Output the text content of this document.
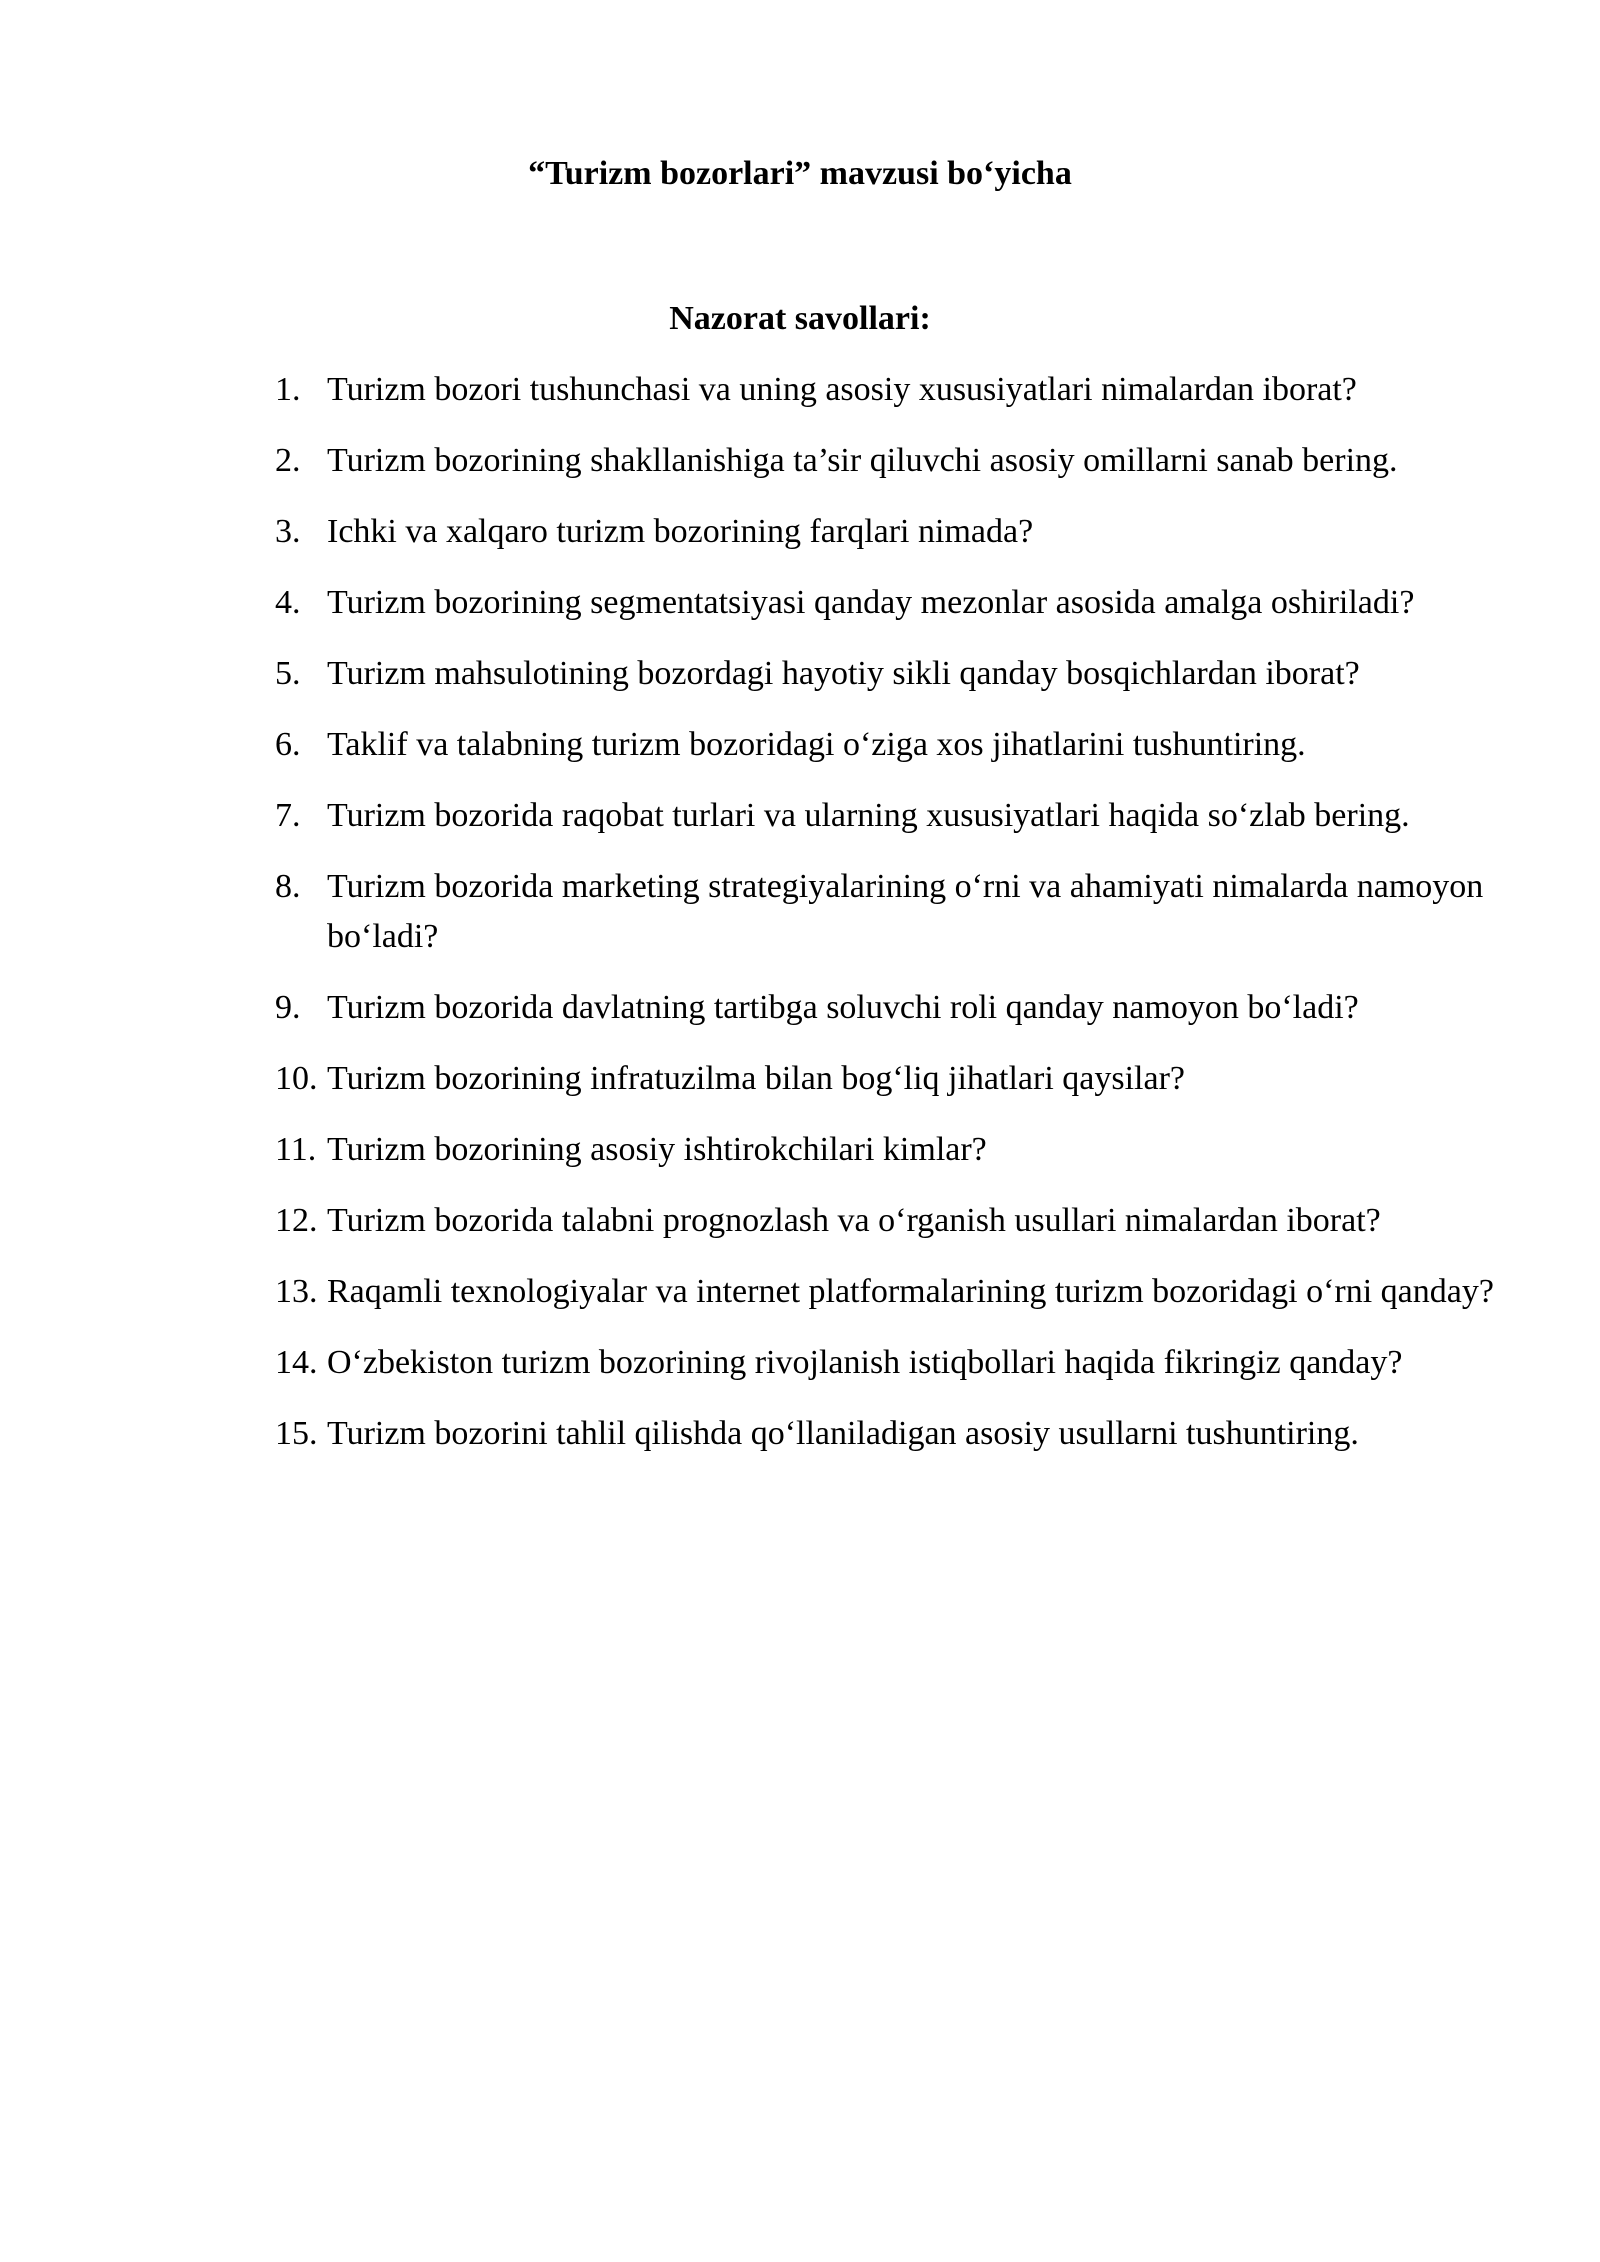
“Turizm bozorlari” mavzusi bo‘yicha
Nazorat savollari:
1. Turizm bozori tushunchasi va uning asosiy xususiyatlari nimalardan iborat?
2. Turizm bozorining shakllanishiga ta’sir qiluvchi asosiy omillarni sanab bering.
3. Ichki va xalqaro turizm bozorining farqlari nimada?
4. Turizm bozorining segmentatsiyasi qanday mezonlar asosida amalga oshiriladi?
5. Turizm mahsulotining bozordagi hayotiy sikli qanday bosqichlardan iborat?
6. Taklif va talabning turizm bozoridagi o‘ziga xos jihatlarini tushuntiring.
7. Turizm bozorida raqobat turlari va ularning xususiyatlari haqida so‘zlab bering.
8. Turizm bozorida marketing strategiyalarining o‘rni va ahamiyati nimalarda namoyon bo‘ladi?
9. Turizm bozorida davlatning tartibga soluvchi roli qanday namoyon bo‘ladi?
10. Turizm bozorining infratuzilma bilan bog‘liq jihatlari qaysilar?
11. Turizm bozorining asosiy ishtirokchilari kimlar?
12. Turizm bozorida talabni prognozlash va o‘rganish usullari nimalardan iborat?
13. Raqamli texnologiyalar va internet platformalarining turizm bozoridagi o‘rni qanday?
14. O‘zbekiston turizm bozorining rivojlanish istiqbollari haqida fikringiz qanday?
15. Turizm bozorini tahlil qilishda qo‘llaniladigan asosiy usullarni tushuntiring.
